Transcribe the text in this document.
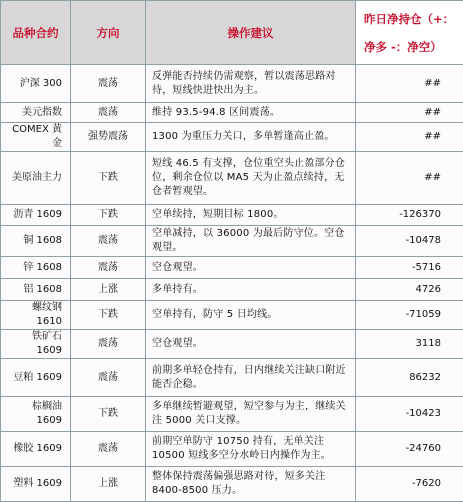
品种合约	方向	操作建议	昨日净持仓（+：
净多 -：净空）

沪深 300	震荡	反弹能否持续仍需观察，暂以震荡思路对待，短线快进快出为主。	##
美元指数	震荡	维持 93.5-94.8 区间震荡。	##
COMEX 黄金	强势震荡	1300 为重压力关口，多单暂逢高止盈。	##
美原油主力	下跌	短线 46.5 有支撑，仓位重空头止盈部分仓位，剩余仓位以 MA5 天为止盈点续持，无仓者暂观望。	##
沥青 1609	下跌	空单续持，短期目标 1800。	-126370
铜 1608	震荡	空单减持，以 36000 为最后防守位。空仓观望。	-10478
锌 1608	震荡	空仓观望。	-5716
铝 1608	上涨	多单持有。	4726
螺纹钢 1610	下跌	空单持有，防守 5 日均线。	-71059
铁矿石 1609	震荡	空仓观望。	3118
豆粕 1609	震荡	前期多单轻仓持有，日内继续关注缺口附近能否企稳。	86232
棕榈油 1609	下跌	多单继续暂避观望，短空参与为主，继续关注 5000 关口支撑。	-10423
橡胶 1609	震荡	前期空单防守 10750 持有，无单关注 10500 短线多空分水岭日内操作为主。	-24760
塑料 1609	上涨	整体保持震荡偏强思路对待，短多关注 8400-8500 压力。	-7620
